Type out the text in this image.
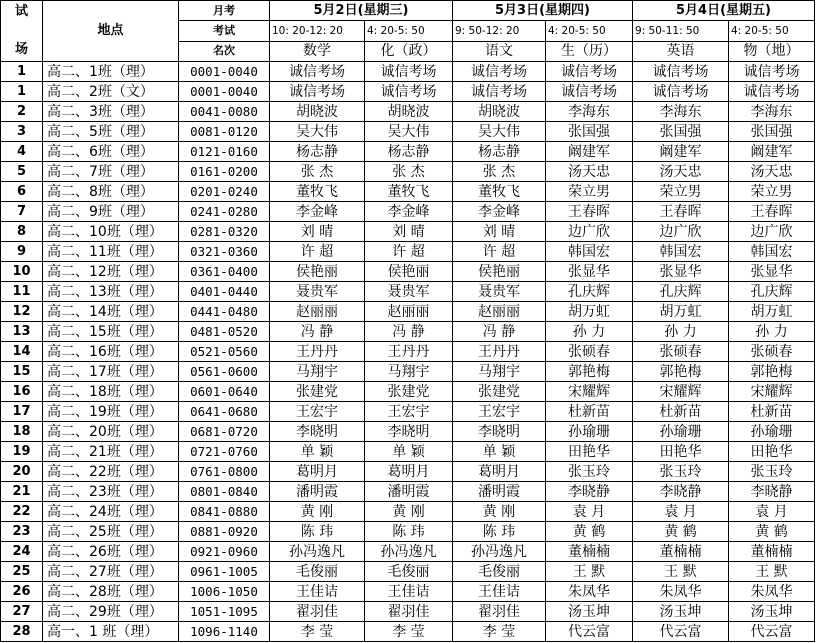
试
场	地点	月考	5月2日(星期三)		5月3日(星期四)		5月4日(星期五)	
		考试	10: 20-12: 20	4: 20-5: 50	9: 50-12: 20	4: 20-5: 50	9: 50-11: 50	4: 20-5: 50
		名次	数学	化（政）	语文	生（历）	英语	物（地）
1	高二、1班（理）	0001-0040	诚信考场	诚信考场	诚信考场	诚信考场	诚信考场	诚信考场
1	高二、2班（文）	0001-0040	诚信考场	诚信考场	诚信考场	诚信考场	诚信考场	诚信考场
2	高二、3班（理）	0041-0080	胡晓波	胡晓波	胡晓波	李海东	李海东	李海东
3	高二、5班（理）	0081-0120	吴大伟	吴大伟	吴大伟	张国强	张国强	张国强
4	高二、6班（理）	0121-0160	杨志静	杨志静	杨志静	阚建军	阚建军	阚建军
5	高二、7班（理）	0161-0200	张 杰	张 杰	张 杰	汤天忠	汤天忠	汤天忠
6	高二、8班（理）	0201-0240	董牧飞	董牧飞	董牧飞	荣立男	荣立男	荣立男
7	高二、9班（理）	0241-0280	李金峰	李金峰	李金峰	王春晖	王春晖	王春晖
8	高二、10班（理）	0281-0320	刘 晴	刘 晴	刘 晴	边广欣	边广欣	边广欣
9	高二、11班（理）	0321-0360	许 超	许 超	许 超	韩国宏	韩国宏	韩国宏
10	高二、12班（理）	0361-0400	侯艳丽	侯艳丽	侯艳丽	张显华	张显华	张显华
11	高二、13班（理）	0401-0440	聂贵军	聂贵军	聂贵军	孔庆辉	孔庆辉	孔庆辉
12	高二、14班（理）	0441-0480	赵丽丽	赵丽丽	赵丽丽	胡万虹	胡万虹	胡万虹
13	高二、15班（理）	0481-0520	冯 静	冯 静	冯 静	孙 力	孙 力	孙 力
14	高二、16班（理）	0521-0560	王丹丹	王丹丹	王丹丹	张硕春	张硕春	张硕春
15	高二、17班（理）	0561-0600	马翔宇	马翔宇	马翔宇	郭艳梅	郭艳梅	郭艳梅
16	高二、18班（理）	0601-0640	张建党	张建党	张建党	宋耀辉	宋耀辉	宋耀辉
17	高二、19班（理）	0641-0680	王宏宇	王宏宇	王宏宇	杜新苗	杜新苗	杜新苗
18	高二、20班（理）	0681-0720	李晓明	李晓明	李晓明	孙瑜珊	孙瑜珊	孙瑜珊
19	高二、21班（理）	0721-0760	单 颖	单 颖	单 颖	田艳华	田艳华	田艳华
20	高二、22班（理）	0761-0800	葛明月	葛明月	葛明月	张玉玲	张玉玲	张玉玲
21	高二、23班（理）	0801-0840	潘明霞	潘明霞	潘明霞	李晓静	李晓静	李晓静
22	高二、24班（理）	0841-0880	黄 刚	黄 刚	黄 刚	袁 月	袁 月	袁 月
23	高二、25班（理）	0881-0920	陈 玮	陈 玮	陈 玮	黄 鹤	黄 鹤	黄 鹤
24	高二、26班（理）	0921-0960	孙冯逸凡	孙冯逸凡	孙冯逸凡	董楠楠	董楠楠	董楠楠
25	高二、27班（理）	0961-1005	毛俊丽	毛俊丽	毛俊丽	王 默	王 默	王 默
26	高二、28班（理）	1006-1050	王佳诘	王佳诘	王佳诘	朱凤华	朱凤华	朱凤华
27	高二、29班（理）	1051-1095	翟羽佳	翟羽佳	翟羽佳	汤玉坤	汤玉坤	汤玉坤
28	高一、1 班（理）	1096-1140	李 莹	李 莹	李 莹	代云富	代云富	代云富
